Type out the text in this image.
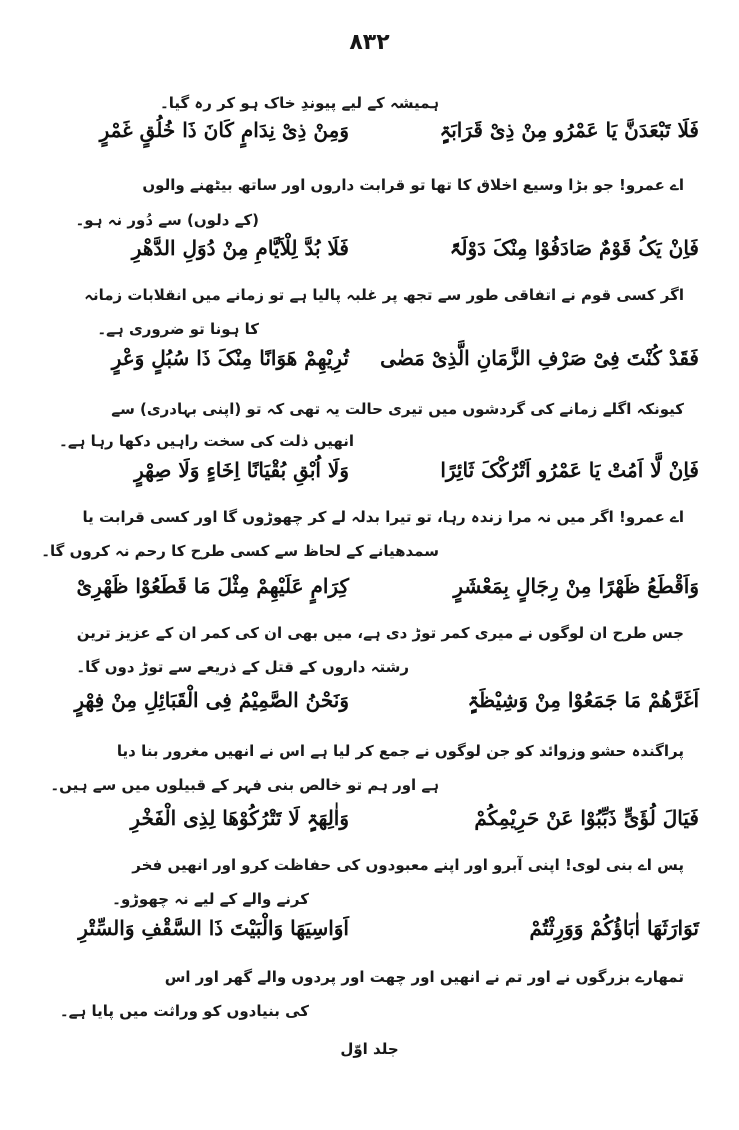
۸۳۲
ہمیشہ کے لیے پیوندِ خاک ہو کر رہ گیا۔
فَلَا تَبْعَدَنَّ یَا عَمْرُو مِنْ ذِیْ قَرَابَۃٍ
وَمِنْ ذِیْ نِدَامٍ کَانَ ذَا خُلُقٍ غَمْرٍ
اے عمرو! جو بڑا وسیع اخلاق کا تھا تو قرابت داروں اور ساتھ بیٹھنے والوں
(کے دلوں) سے دُور نہ ہو۔
فَاِنْ یَکُ قَوْمٌ صَادَفُوْا مِنْکَ دَوْلَۃً
فَلَا بُدَّ لِلْاَیَّامِ مِنْ دُوَلِ الدَّهْرِ
اگر کسی قوم نے اتفاقی طور سے تجھ پر غلبہ پالیا ہے تو زمانے میں انقلابات زمانہ
کا ہونا تو ضروری ہے۔
فَقَدْ کُنْتَ فِیْ صَرْفِ الزَّمَانِ الَّذِیْ مَضٰی
تُرِیْهِمْ هَوَانًا مِنْکَ ذَا سُبُلٍ وَعْرٍ
کیونکہ اگلے زمانے کی گردشوں میں تیری حالت یہ تھی کہ تو (اپنی بہادری) سے
انھیں ذلت کی سخت راہیں دکھا رہا ہے۔
فَاِنْ لَّا اَمُتْ یَا عَمْرُو اَتْرُکْکَ ثَائِرًا
وَلَا اُبْقِ بُقْیَانًا اِخَاءٍ وَلَا صِهْرٍ
اے عمرو! اگر میں نہ مرا زندہ رہا، تو تیرا بدلہ لے کر چھوڑوں گا اور کسی قرابت یا
سمدھیانے کے لحاظ سے کسی طرح کا رحم نہ کروں گا۔
وَاَقْطَعُ ظَهْرًا مِنْ رِجَالٍ بِمَعْشَرٍ
کِرَامٍ عَلَیْهِمْ مِثْلَ مَا قَطَعُوْا ظَهْرِیْ
جس طرح ان لوگوں نے میری کمر توڑ دی ہے، میں بھی ان کی کمر ان کے عزیز ترین
رشتہ داروں کے قتل کے ذریعے سے توڑ دوں گا۔
اَغَرَّهُمْ مَا جَمَعُوْا مِنْ وَشِیْظَۃٍ
وَنَحْنُ الصَّمِیْمُ فِی الْقَبَائِلِ مِنْ فِهْرٍ
پراگندہ حشو وزوائد کو جن لوگوں نے جمع کر لیا ہے اس نے انھیں مغرور بنا دیا
ہے اور ہم تو خالص بنی فہر کے قبیلوں میں سے ہیں۔
فَیَالَ لُؤَیٍّ ذَبِّبُوْا عَنْ حَرِیْمِکُمْ
وَاٰلِهَۃٍ لَا تَتْرُکُوْهَا لِذِی الْفَخْرِ
پس اے بنی لوی! اپنی آبرو اور اپنے معبودوں کی حفاظت کرو اور انھیں فخر
کرنے والے کے لیے نہ چھوڑو۔
تَوَارَثَهَا اٰبَاؤُکُمْ وَوَرِثْتُمْ
اَوَاسِیَهَا وَالْبَیْتَ ذَا السَّقْفِ وَالسِّتْرِ
تمھارے بزرگوں نے اور تم نے انھیں اور چھت اور پردوں والے گھر اور اس
کی بنیادوں کو وراثت میں پایا ہے۔
جلد اوّل
